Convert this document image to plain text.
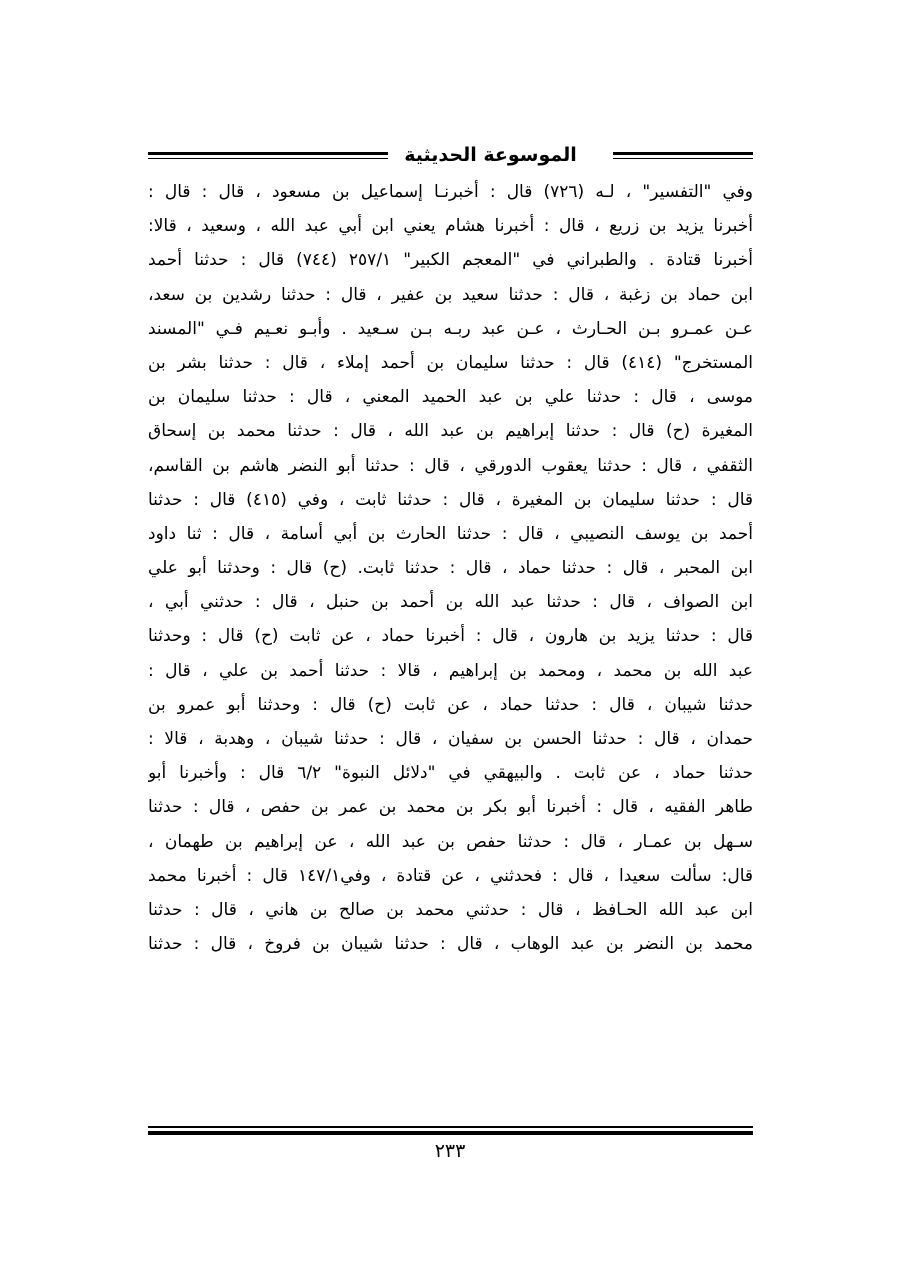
الموسوعة الحديثية
وفي "التفسير" ، لـه (٧٢٦) قال : أخبرنـا إسماعيل بن مسعود ، قال : قال :
أخبرنا يزيد بن زريع ، قال : أخبرنا هشام يعني ابن أبي عبد الله ، وسعيد ، قالا:
أخبرنا قتادة . والطبراني في "المعجم الكبير" ٢٥٧/١ (٧٤٤) قال : حدثنا أحمد
ابن حماد بن زغبة ، قال : حدثنا سعيد بن عفير ، قال : حدثنا رشدين بن سعد،
عـن عمـرو بـن الحـارث ، عـن عبد ربـه بـن سـعيد . وأبـو نعـيم فـي "المسند
المستخرج" (٤١٤) قال : حدثنا سليمان بن أحمد إملاء ، قال : حدثنا بشر بن
موسى ، قال : حدثنا علي بن عبد الحميد المعني ، قال : حدثنا سليمان بن
المغيرة (ح) قال : حدثنا إبراهيم بن عبد الله ، قال : حدثنا محمد بن إسحاق
الثقفي ، قال : حدثنا يعقوب الدورقي ، قال : حدثنا أبو النضر هاشم بن القاسم،
قال : حدثنا سليمان بن المغيرة ، قال : حدثنا ثابت ، وفي (٤١٥) قال : حدثنا
أحمد بن يوسف النصيبي ، قال : حدثنا الحارث بن أبي أسامة ، قال : ثنا داود
ابن المحبر ، قال : حدثنا حماد ، قال : حدثنا ثابت. (ح) قال : وحدثنا أبو علي
ابن الصواف ، قال : حدثنا عبد الله بن أحمد بن حنبل ، قال : حدثني أبي ،
قال : حدثنا يزيد بن هارون ، قال : أخبرنا حماد ، عن ثابت (ح) قال : وحدثنا
عبد الله بن محمد ، ومحمد بن إبراهيم ، قالا : حدثنا أحمد بن علي ، قال :
حدثنا شيبان ، قال : حدثنا حماد ، عن ثابت (ح) قال : وحدثنا أبو عمرو بن
حمدان ، قال : حدثنا الحسن بن سفيان ، قال : حدثنا شيبان ، وهدبة ، قالا :
حدثنا حماد ، عن ثابت . والبيهقي في "دلائل النبوة" ٦/٢ قال : وأخبرنا أبو
طاهر الفقيه ، قال : أخبرنا أبو بكر بن محمد بن عمر بن حفص ، قال : حدثنا
سـهل بن عمـار ، قال : حدثنا حفص بن عبد الله ، عن إبراهيم بن طهمان ،
قال: سألت سعيدا ، قال : فحدثني ، عن قتادة ، وفي١٤٧/١ قال : أخبرنا محمد
ابن عبد الله الحـافظ ، قال : حدثني محمد بن صالح بن هاني ، قال : حدثنا
محمد بن النضر بن عبد الوهاب ، قال : حدثنا شيبان بن فروخ ، قال : حدثنا
٢٣٣
